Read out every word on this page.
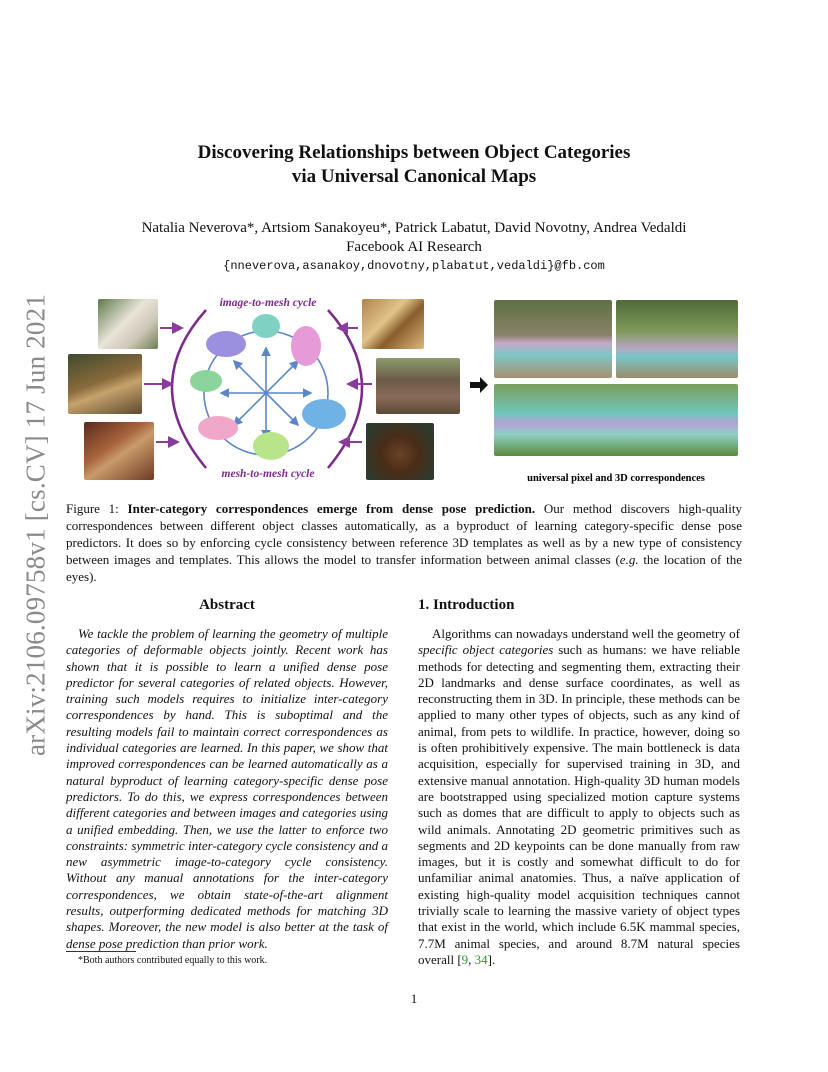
arXiv:2106.09758v1 [cs.CV] 17 Jun 2021
Discovering Relationships between Object Categories
via Universal Canonical Maps
Natalia Neverova*, Artsiom Sanakoyeu*, Patrick Labatut, David Novotny, Andrea Vedaldi
Facebook AI Research
{nneverova,asanakoy,dnovotny,plabatut,vedaldi}@fb.com
image-to-mesh cycle
mesh-to-mesh cycle	universal pixel and 3D correspondences
Figure 1: Inter-category correspondences emerge from dense pose prediction. Our method discovers high-quality correspondences between different object classes automatically, as a byproduct of learning category-specific dense pose predictors. It does so by enforcing cycle consistency between reference 3D templates as well as by a new type of consistency between images and templates. This allows the model to transfer information between animal classes (e.g. the location of the eyes).
Abstract

We tackle the problem of learning the geometry of multiple categories of deformable objects jointly. Recent work has shown that it is possible to learn a unified dense pose predictor for several categories of related objects. However, training such models requires to initialize inter-category correspondences by hand. This is suboptimal and the resulting models fail to maintain correct correspondences as individual categories are learned. In this paper, we show that improved correspondences can be learned automatically as a natural byproduct of learning category-specific dense pose predictors. To do this, we express correspondences between different categories and between images and categories using a unified embedding. Then, we use the latter to enforce two constraints: symmetric inter-category cycle consistency and a new asymmetric image-to-category cycle consistency. Without any manual annotations for the inter-category correspondences, we obtain state-of-the-art alignment results, outperforming dedicated methods for matching 3D shapes. Moreover, the new model is also better at the task of dense pose prediction than prior work.

1. Introduction

Algorithms can nowadays understand well the geometry of specific object categories such as humans: we have reliable methods for detecting and segmenting them, extracting their 2D landmarks and dense surface coordinates, as well as reconstructing them in 3D. In principle, these methods can be applied to many other types of objects, such as any kind of animal, from pets to wildlife. In practice, however, doing so is often prohibitively expensive. The main bottleneck is data acquisition, especially for supervised training in 3D, and extensive manual annotation. High-quality 3D human models are bootstrapped using specialized motion capture systems such as domes that are difficult to apply to objects such as wild animals. Annotating 2D geometric primitives such as segments and 2D keypoints can be done manually from raw images, but it is costly and somewhat difficult to do for unfamiliar animal anatomies. Thus, a naïve application of existing high-quality model acquisition techniques cannot trivially scale to learning the massive variety of object types that exist in the world, which include 6.5K mammal species, 7.7M animal species, and around 8.7M natural species overall [9, 34].

*Both authors contributed equally to this work.
1
